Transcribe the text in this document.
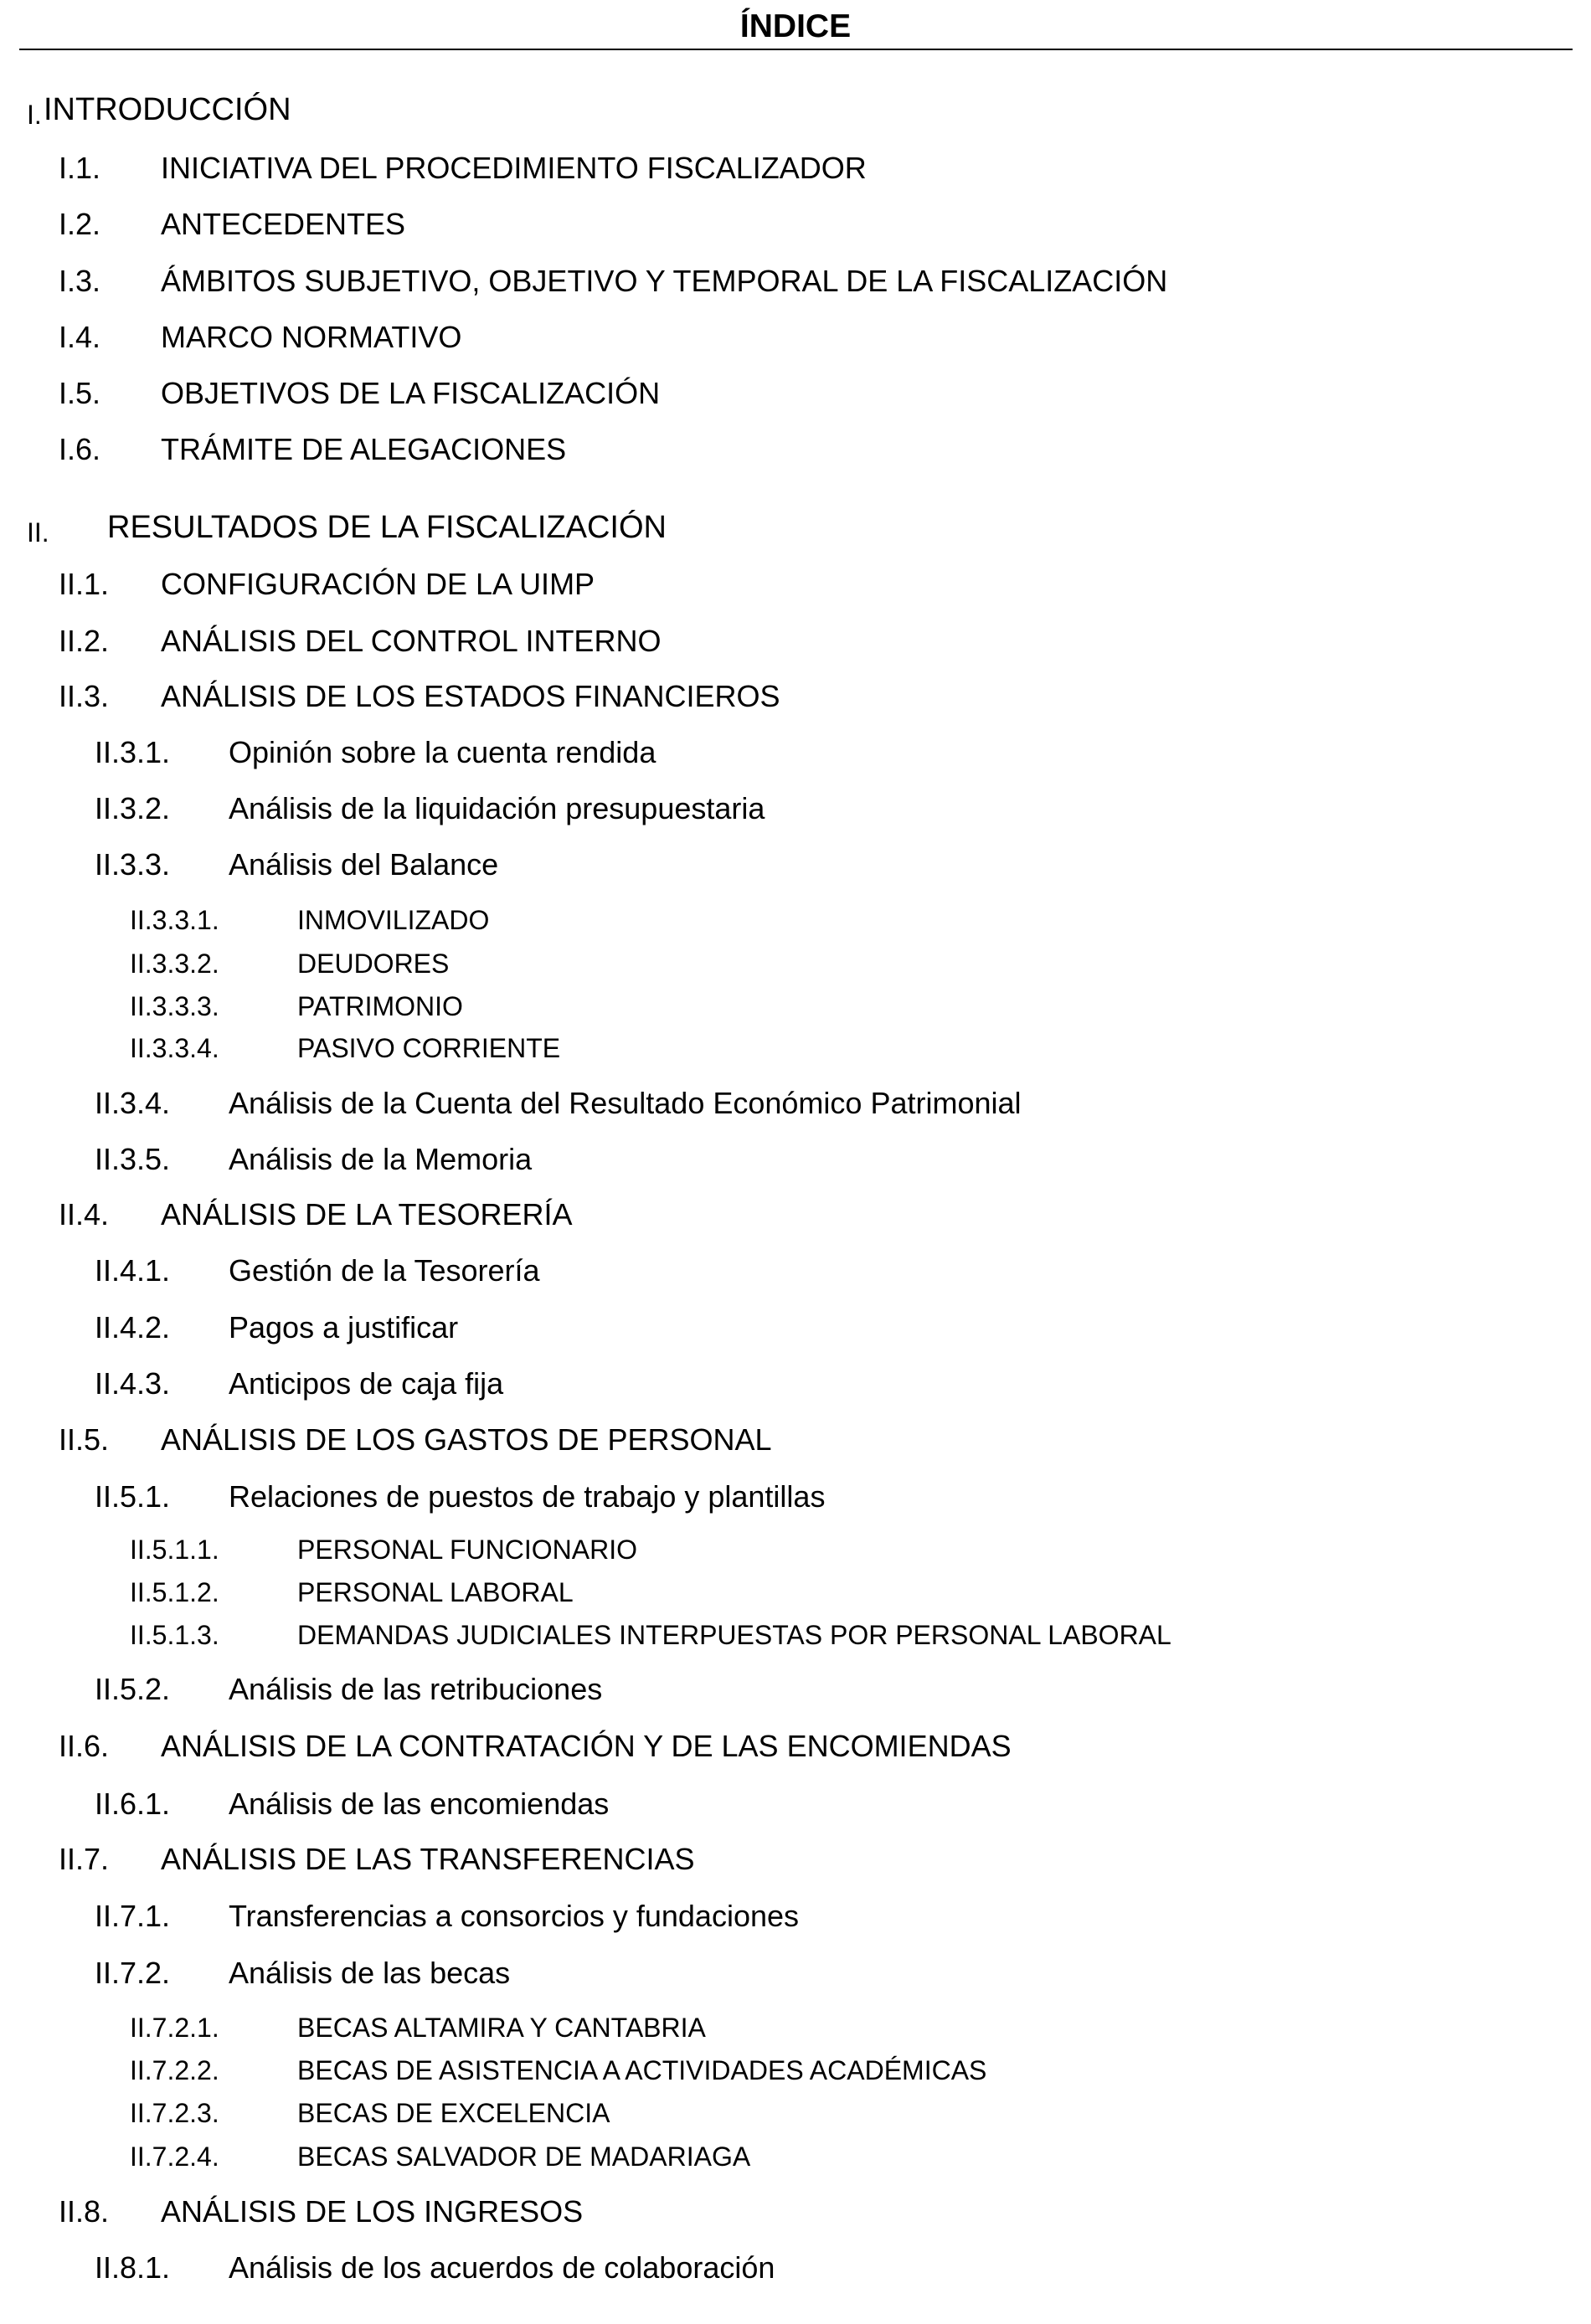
ÍNDICE
I. INTRODUCCIÓN
I.1. INICIATIVA DEL PROCEDIMIENTO FISCALIZADOR
I.2. ANTECEDENTES
I.3. ÁMBITOS SUBJETIVO, OBJETIVO Y TEMPORAL DE LA FISCALIZACIÓN
I.4. MARCO NORMATIVO
I.5. OBJETIVOS DE LA FISCALIZACIÓN
I.6. TRÁMITE DE ALEGACIONES
II. RESULTADOS DE LA FISCALIZACIÓN
II.1. CONFIGURACIÓN DE LA UIMP
II.2. ANÁLISIS DEL CONTROL INTERNO
II.3. ANÁLISIS DE LOS ESTADOS FINANCIEROS
II.3.1. Opinión sobre la cuenta rendida
II.3.2. Análisis de la liquidación presupuestaria
II.3.3. Análisis del Balance
II.3.3.1.	INMOVILIZADO
II.3.3.2.	DEUDORES
II.3.3.3.	PATRIMONIO
II.3.3.4.	PASIVO CORRIENTE
II.3.4. Análisis de la Cuenta del Resultado Económico Patrimonial
II.3.5. Análisis de la Memoria
II.4. ANÁLISIS DE LA TESORERÍA
II.4.1. Gestión de la Tesorería
II.4.2. Pagos a justificar
II.4.3. Anticipos de caja fija
II.5. ANÁLISIS DE LOS GASTOS DE PERSONAL
II.5.1. Relaciones de puestos de trabajo y plantillas
II.5.1.1.	PERSONAL FUNCIONARIO
II.5.1.2.	PERSONAL LABORAL
II.5.1.3.	DEMANDAS JUDICIALES INTERPUESTAS POR PERSONAL LABORAL
II.5.2. Análisis de las retribuciones
II.6. ANÁLISIS DE LA CONTRATACIÓN Y DE LAS ENCOMIENDAS
II.6.1. Análisis de las encomiendas
II.7. ANÁLISIS DE LAS TRANSFERENCIAS
II.7.1. Transferencias a consorcios y fundaciones
II.7.2. Análisis de las becas
II.7.2.1.	BECAS ALTAMIRA Y CANTABRIA
II.7.2.2.	BECAS DE ASISTENCIA A ACTIVIDADES ACADÉMICAS
II.7.2.3.	BECAS DE EXCELENCIA
II.7.2.4.	BECAS SALVADOR DE MADARIAGA
II.8. ANÁLISIS DE LOS INGRESOS
II.8.1. Análisis de los acuerdos de colaboración
